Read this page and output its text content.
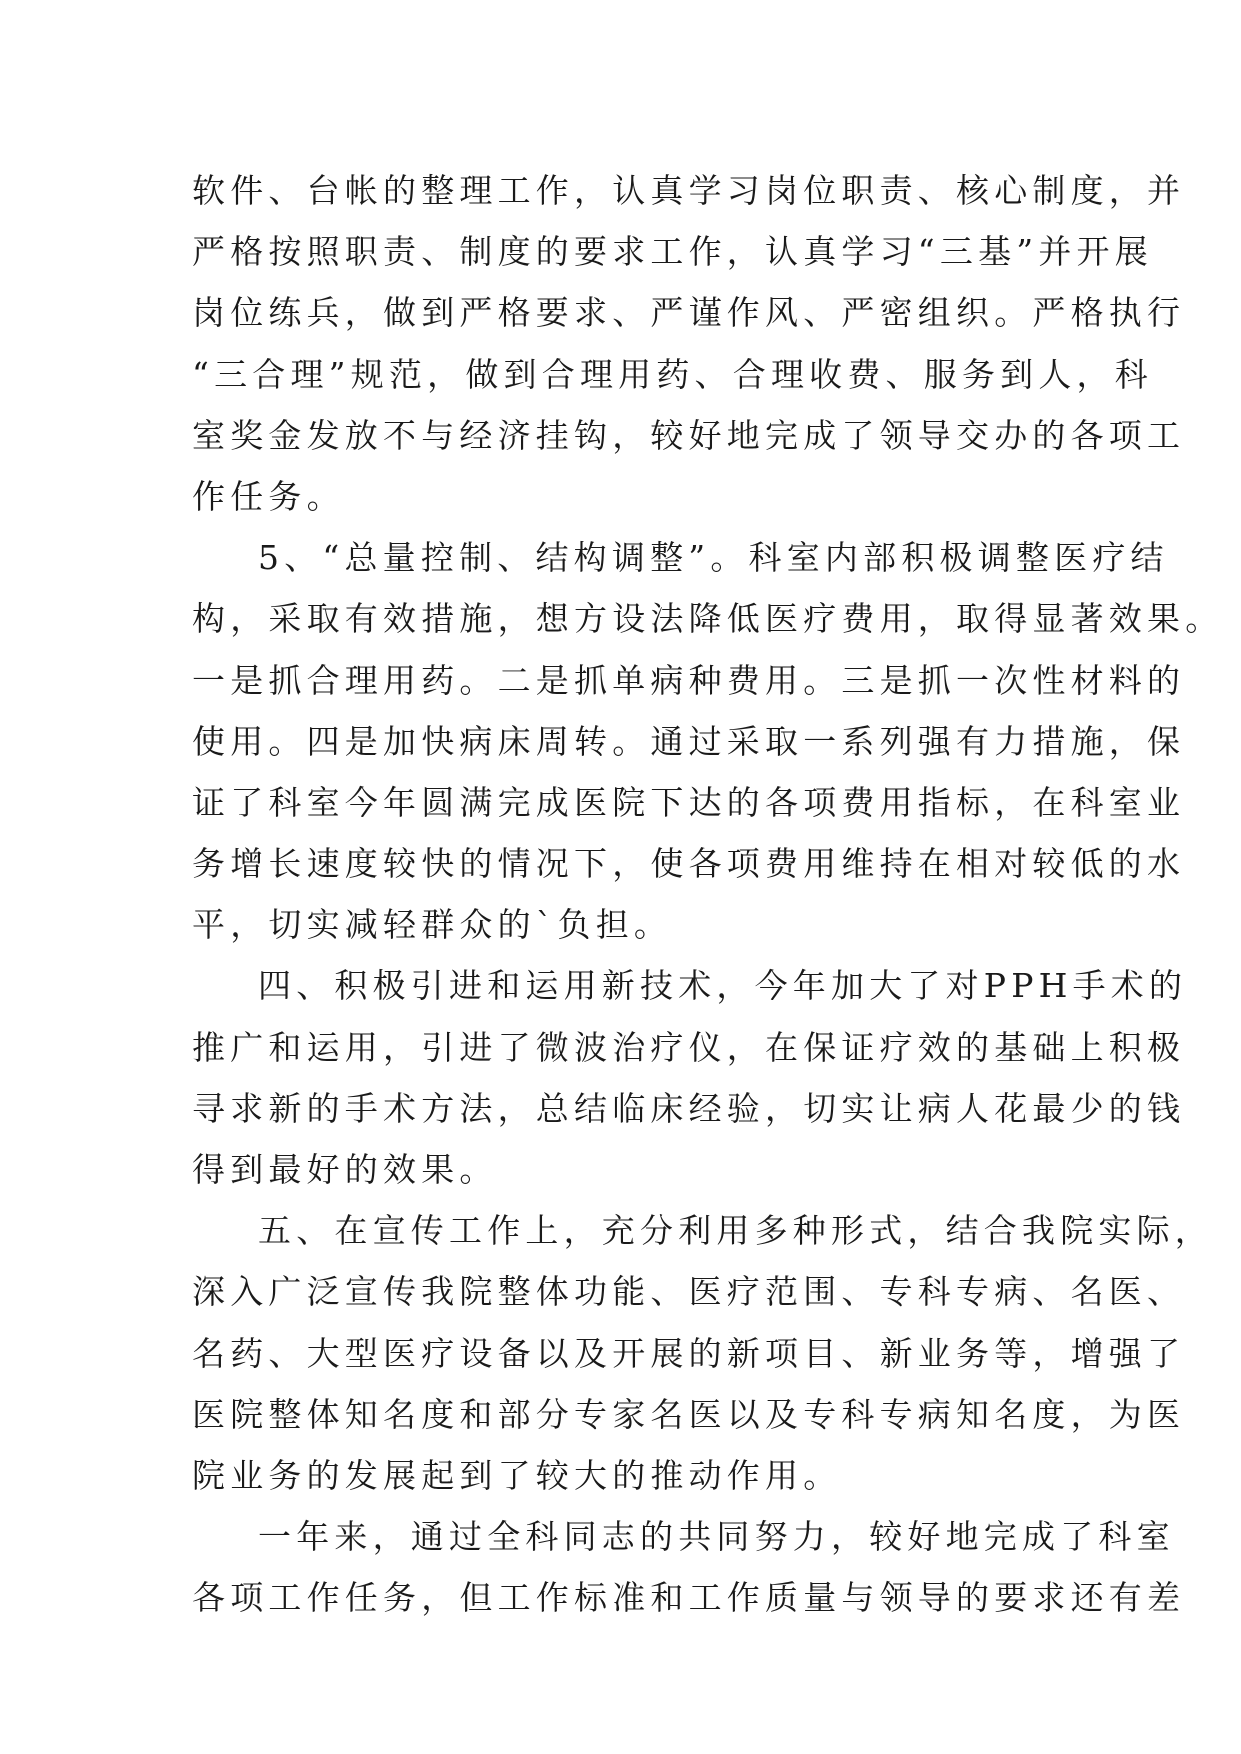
软件、台帐的整理工作，认真学习岗位职责、核心制度，并
严格按照职责、制度的要求工作，认真学习“三基”并开展
岗位练兵，做到严格要求、严谨作风、严密组织。严格执行
“三合理”规范，做到合理用药、合理收费、服务到人，科
室奖金发放不与经济挂钩，较好地完成了领导交办的各项工
作任务。
5、“总量控制、结构调整”。科室内部积极调整医疗结
构，采取有效措施，想方设法降低医疗费用，取得显著效果。
一是抓合理用药。二是抓单病种费用。三是抓一次性材料的
使用。四是加快病床周转。通过采取一系列强有力措施，保
证了科室今年圆满完成医院下达的各项费用指标，在科室业
务增长速度较快的情况下，使各项费用维持在相对较低的水
平，切实减轻群众的`负担。
四、积极引进和运用新技术，今年加大了对PPH手术的
推广和运用，引进了微波治疗仪，在保证疗效的基础上积极
寻求新的手术方法，总结临床经验，切实让病人花最少的钱
得到最好的效果。
五、在宣传工作上，充分利用多种形式，结合我院实际，
深入广泛宣传我院整体功能、医疗范围、专科专病、名医、
名药、大型医疗设备以及开展的新项目、新业务等，增强了
医院整体知名度和部分专家名医以及专科专病知名度，为医
院业务的发展起到了较大的推动作用。
一年来，通过全科同志的共同努力，较好地完成了科室
各项工作任务，但工作标准和工作质量与领导的要求还有差
